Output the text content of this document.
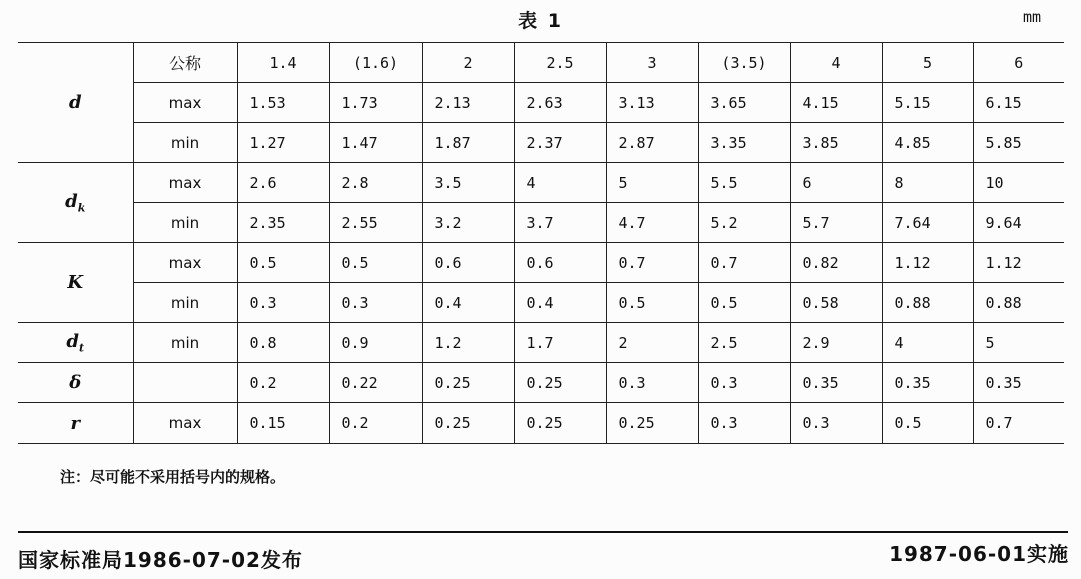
表 1	mm
d	公称	1.4	(1.6)	2	2.5	3	(3.5)	4	5	6
	max	1.53	1.73	2.13	2.63	3.13	3.65	4.15	5.15	6.15
	min	1.27	1.47	1.87	2.37	2.87	3.35	3.85	4.85	5.85
$d_k$	max	2.6	2.8	3.5	4	5	5.5	6	8	10
	min	2.35	2.55	3.2	3.7	4.7	5.2	5.7	7.64	9.64
K	max	0.5	0.5	0.6	0.6	0.7	0.7	0.82	1.12	1.12
	min	0.3	0.3	0.4	0.4	0.5	0.5	0.58	0.88	0.88
$d_t$	min	0.8	0.9	1.2	1.7	2	2.5	2.9	4	5
δ		0.2	0.22	0.25	0.25	0.3	0.3	0.35	0.35	0.35
r	max	0.15	0.2	0.25	0.25	0.25	0.3	0.3	0.5	0.7
注：尽可能不采用括号内的规格。
国家标准局1986-07-02发布	1987-06-01实施
